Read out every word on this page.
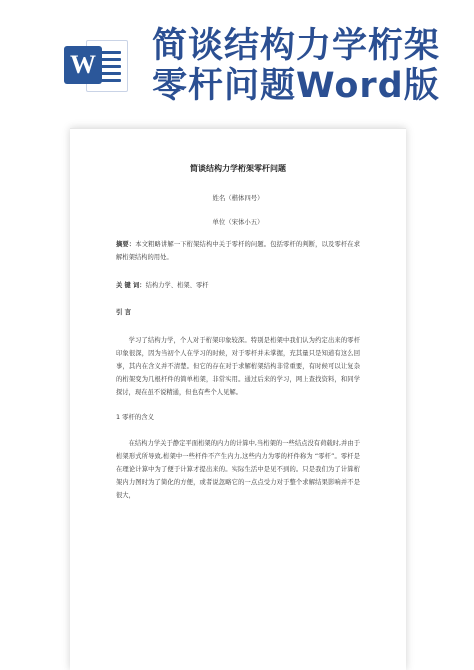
W 简谈结构力学桁架
零杆问题Word版
简谈结构力学桁架零杆问题
姓名（楷体四号）
单位（宋体小五）
摘要：本文粗略讲解一下桁架结构中关于零杆的问题。包括零杆的判断，以及零杆在求解桁架结构的用处。
关 键 词：结构力学、桁架、零杆
引 言
学习了结构力学，个人对于桁架印象较深。特别是桁架中我们认为约定出来的零杆印象很深，因为当初个人在学习的时候，对于零杆并未掌握，充其量只是知道有这么回事，其内在含义并不清楚。但它的存在对于求解桁架结构非常重要，有时候可以让复杂的桁架变为几根杆件的简单桁架，非常实用。通过后来的学习，网上查找资料，和同学探讨，现在虽不说精通，但也有些个人见解。
1 零杆的含义
在结构力学关于静定平面桁架的内力的计算中,当桁架的一些结点没有荷载时,并由于桁架形式所导致,桁架中一些杆件不产生内力,这些内力为零的杆件称为 “零杆”。零杆是在理论计算中为了便于计算才提出来的。实际生活中是见不到的。只是我们为了计算桁架内力图时为了简化的方便，或者说忽略它的一点点受力对于整个求解结果影响并不是很大，
